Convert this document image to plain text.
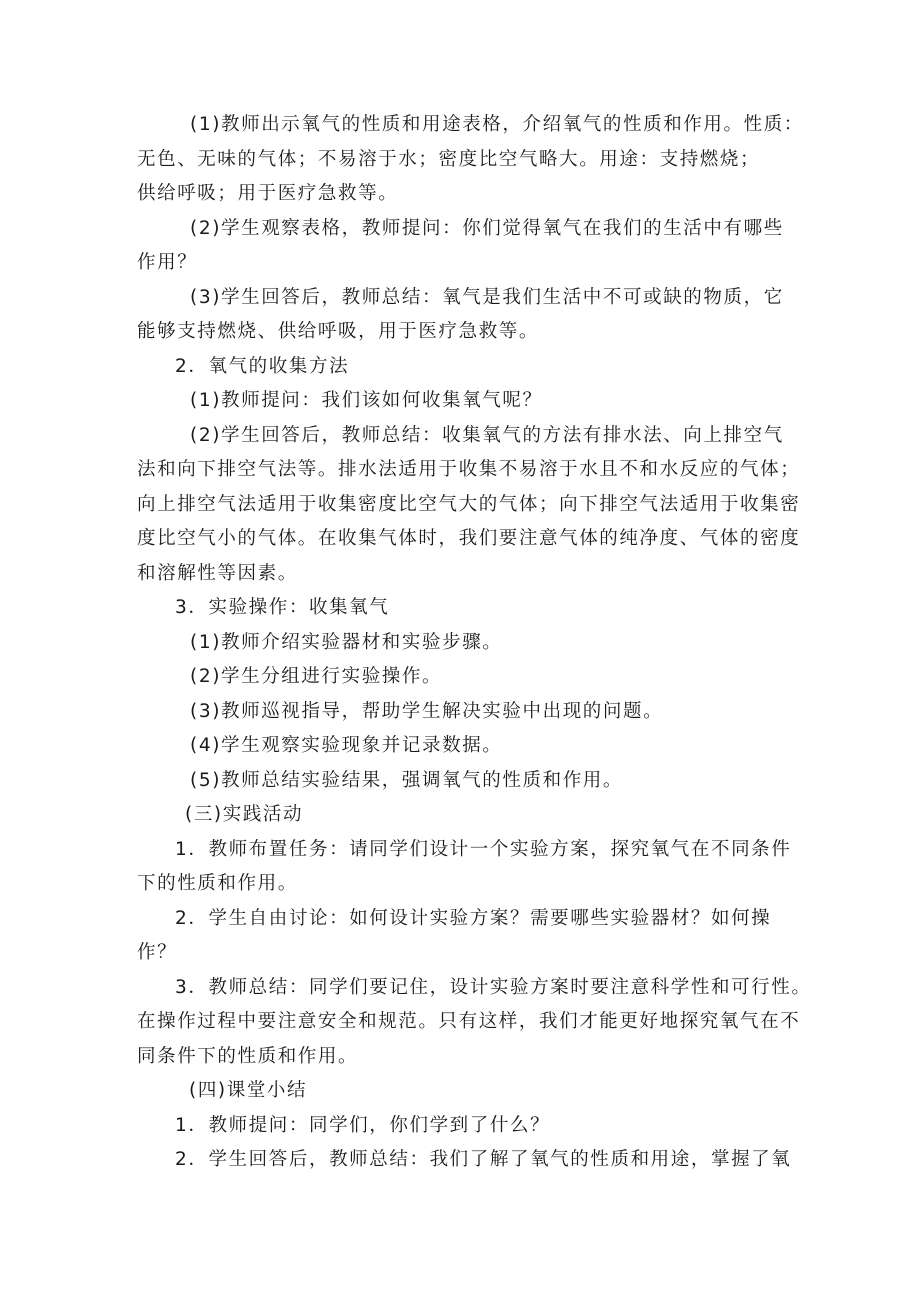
(1)教师出示氧气的性质和用途表格，介绍氧气的性质和作用。性质：
无色、无味的气体；不易溶于水；密度比空气略大。用途：支持燃烧；
供给呼吸；用于医疗急救等。

(2)学生观察表格，教师提问：你们觉得氧气在我们的生活中有哪些
作用？

(3)学生回答后，教师总结：氧气是我们生活中不可或缺的物质，它
能够支持燃烧、供给呼吸，用于医疗急救等。

2．氧气的收集方法

(1)教师提问：我们该如何收集氧气呢？

(2)学生回答后，教师总结：收集氧气的方法有排水法、向上排空气
法和向下排空气法等。排水法适用于收集不易溶于水且不和水反应的气体；
向上排空气法适用于收集密度比空气大的气体；向下排空气法适用于收集密
度比空气小的气体。在收集气体时，我们要注意气体的纯净度、气体的密度
和溶解性等因素。

3．实验操作：收集氧气

(1)教师介绍实验器材和实验步骤。

(2)学生分组进行实验操作。

(3)教师巡视指导，帮助学生解决实验中出现的问题。

(4)学生观察实验现象并记录数据。

(5)教师总结实验结果，强调氧气的性质和作用。

(三)实践活动

1．教师布置任务：请同学们设计一个实验方案，探究氧气在不同条件
下的性质和作用。

2．学生自由讨论：如何设计实验方案？需要哪些实验器材？如何操
作？

3．教师总结：同学们要记住，设计实验方案时要注意科学性和可行性。
在操作过程中要注意安全和规范。只有这样，我们才能更好地探究氧气在不
同条件下的性质和作用。

(四)课堂小结

1．教师提问：同学们，你们学到了什么？

2．学生回答后，教师总结：我们了解了氧气的性质和用途，掌握了氧
